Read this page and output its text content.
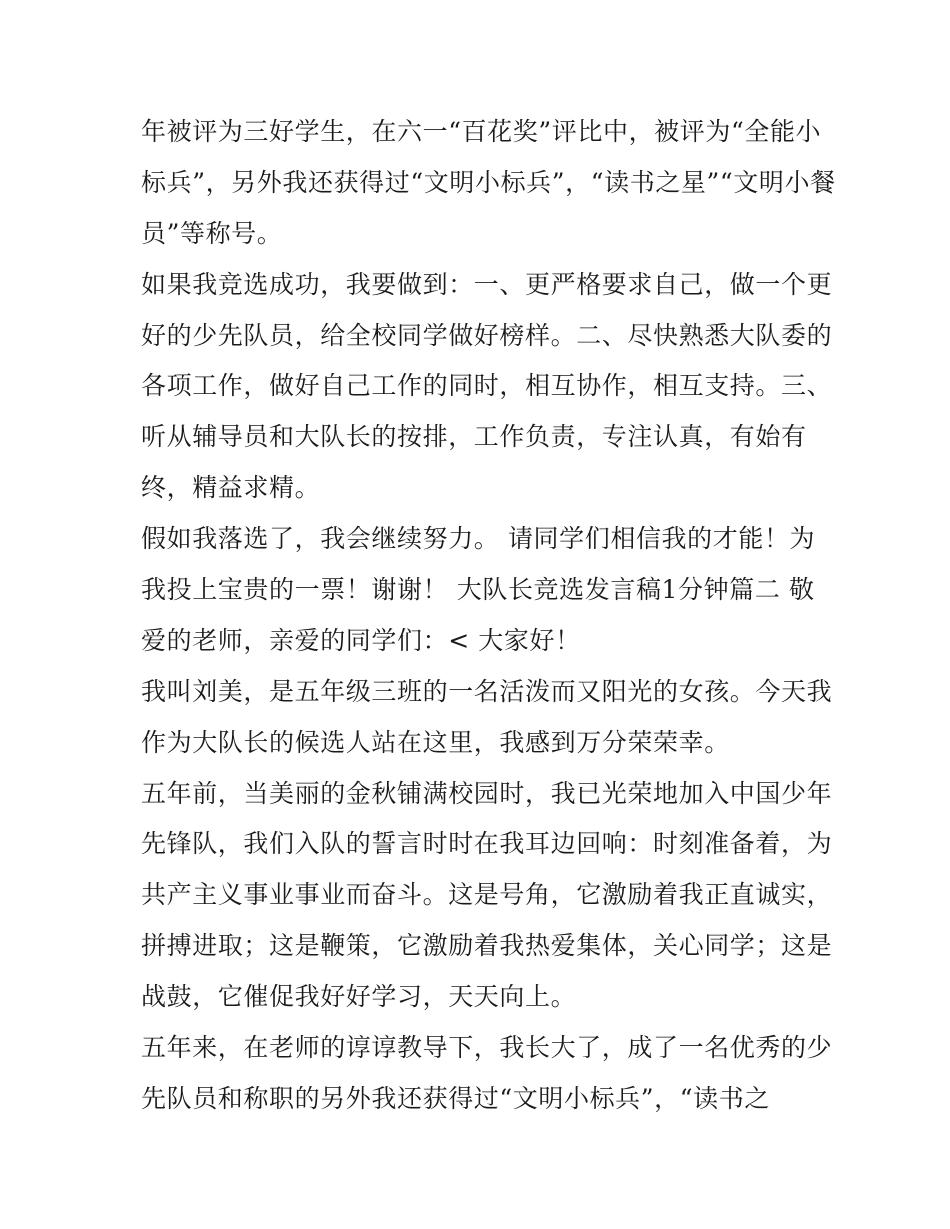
年被评为三好学生，在六一“百花奖”评比中，被评为“全能小
标兵”，另外我还获得过“文明小标兵”，“读书之星”“文明小餐
员”等称号。
如果我竞选成功，我要做到：一、更严格要求自己，做一个更
好的少先队员，给全校同学做好榜样。二、尽快熟悉大队委的
各项工作，做好自己工作的同时，相互协作，相互支持。三、
听从辅导员和大队长的按排，工作负责，专注认真，有始有
终，精益求精。
假如我落选了，我会继续努力。 请同学们相信我的才能！为
我投上宝贵的一票！谢谢！ 大队长竞选发言稿1分钟篇二 敬
爱的老师，亲爱的同学们：< 大家好！
我叫刘美，是五年级三班的一名活泼而又阳光的女孩。今天我
作为大队长的候选人站在这里，我感到万分荣荣幸。
五年前，当美丽的金秋铺满校园时，我已光荣地加入中国少年
先锋队，我们入队的誓言时时在我耳边回响：时刻准备着，为
共产主义事业事业而奋斗。这是号角，它激励着我正直诚实，
拼搏进取；这是鞭策，它激励着我热爱集体，关心同学；这是
战鼓，它催促我好好学习，天天向上。
五年来，在老师的谆谆教导下，我长大了，成了一名优秀的少
先队员和称职的另外我还获得过“文明小标兵”，“读书之
